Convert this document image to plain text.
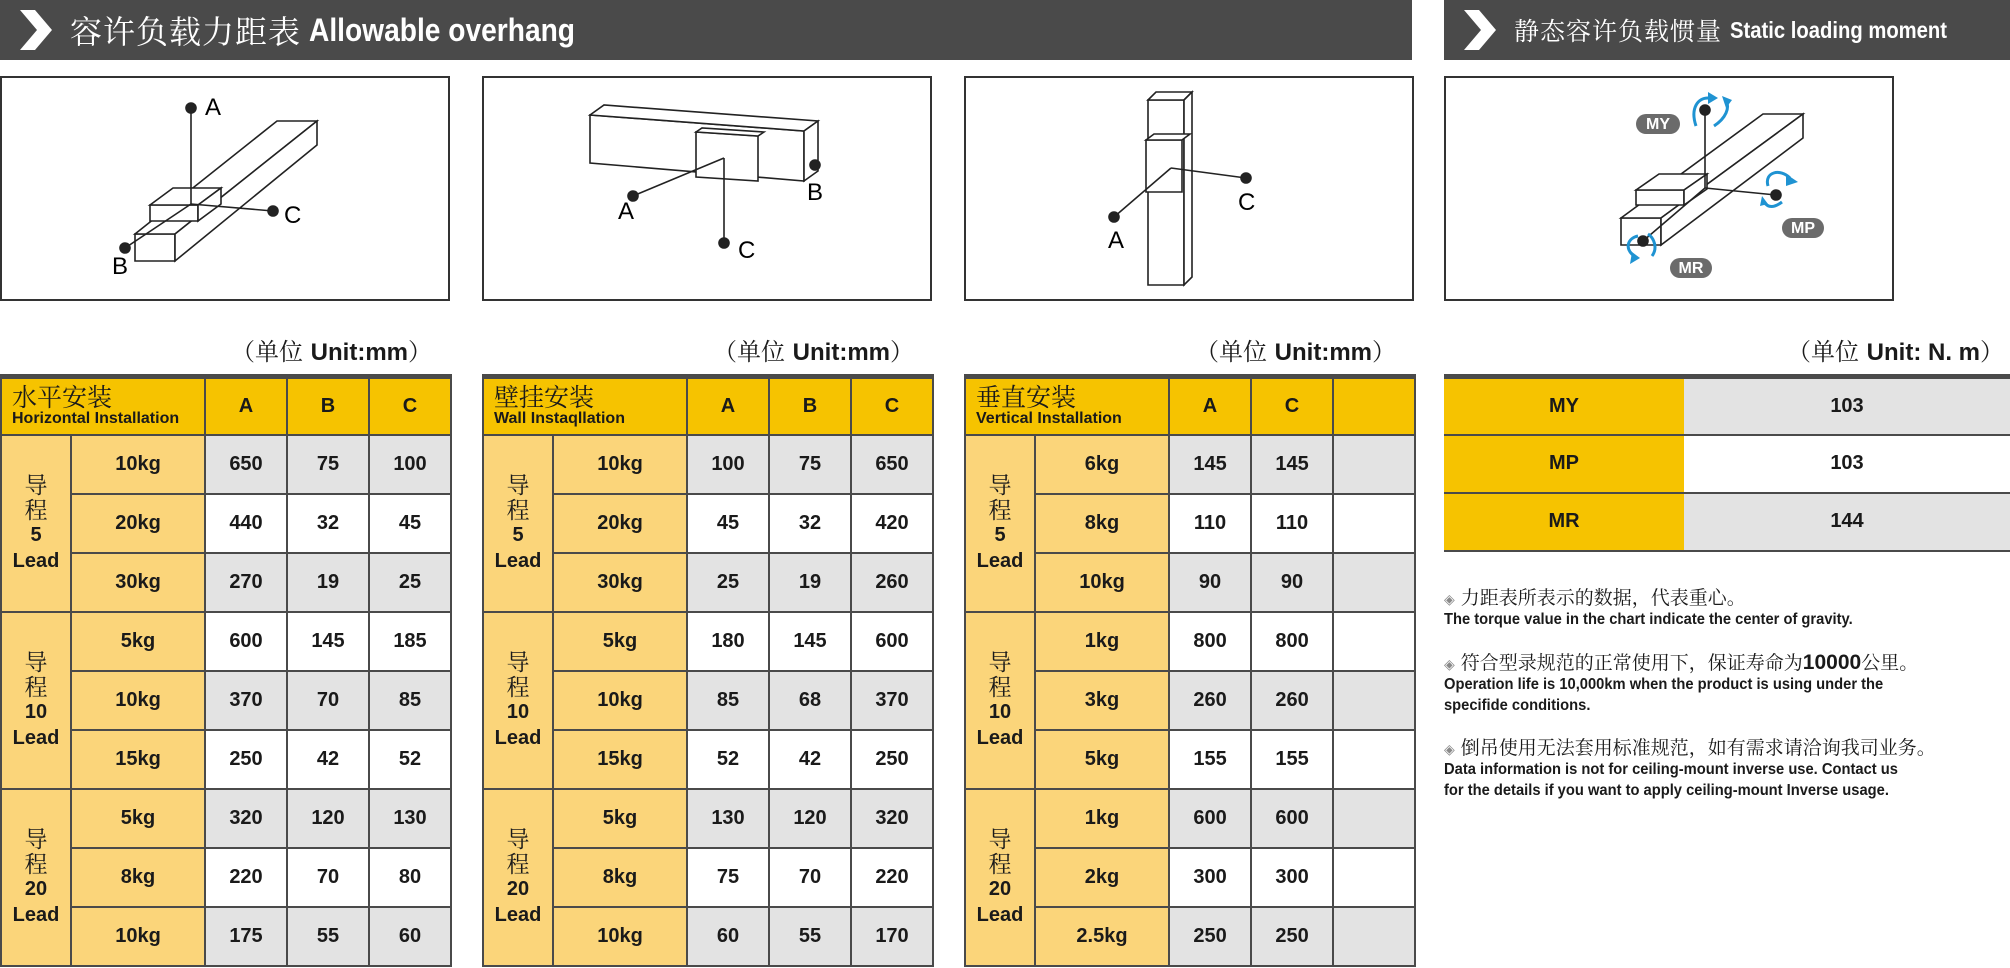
容许负载力距表 Allowable overhang	静态容许负载惯量 Static loading moment
A
C
B
A
C
B	C
A
MY
MP
MR
（单位 Unit:mm）	（单位 Unit:mm）	（单位 Unit:mm）	（单位 Unit: N. m）
水平安装
Horizontal Installation		A	B	C

导
程
5
Lead	10kg	650	75	100
	20kg	440	32	45
	30kg	270	19	25

导
程
10
Lead	5kg	600	145	185
	10kg	370	70	85
	15kg	250	42	52

导
程
20
Lead	5kg	320	120	130
	8kg	220	70	80
	10kg	175	55	60
壁挂安装
Wall Instaqllation		A	B	C

导
程
5
Lead	10kg	100	75	650
	20kg	45	32	420
	30kg	25	19	260

导
程
10
Lead	5kg	180	145	600
	10kg	85	68	370
	15kg	52	42	250

导
程
20
Lead	5kg	130	120	320
	8kg	75	70	220
	10kg	60	55	170
垂直安装
Vertical Installation		A	C	

导
程
5
Lead	6kg	145	145	
	8kg	110	110	
	10kg	90	90	

导
程
10
Lead	1kg	800	800	
	3kg	260	260	
	5kg	155	155	

导
程
20
Lead	1kg	600	600	
	2kg	300	300	
	2.5kg	250	250	
MY	103
MP	103
MR	144
◈ 力距表所表示的数据，代表重心。
The torque value in the chart indicate the center of gravity.
◈ 符合型录规范的正常使用下，保证寿命为10000公里。
Operation life is 10,000km when the product is using under the
specifide conditions.
◈ 倒吊使用无法套用标准规范，如有需求请洽询我司业务。
Data information is not for ceiling-mount inverse use. Contact us
for the details if you want to apply ceiling-mount Inverse usage.
